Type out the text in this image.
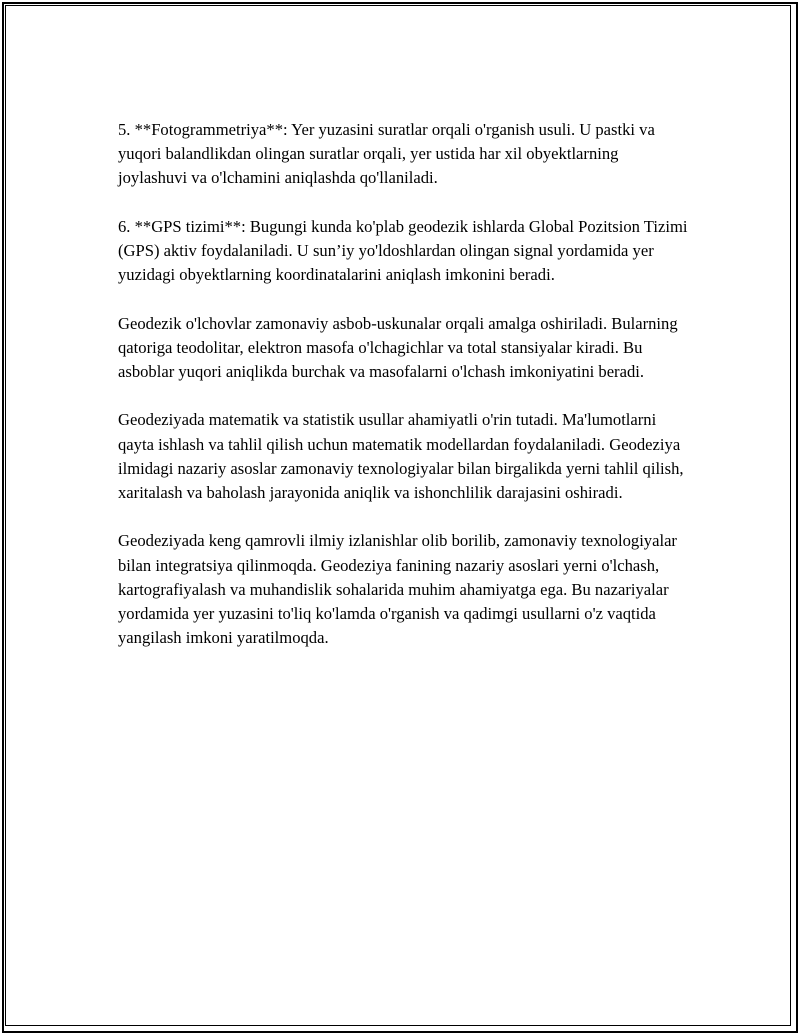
5. **Fotogrammetriya**: Yer yuzasini suratlar orqali o'rganish usuli. U pastki va yuqori balandlikdan olingan suratlar orqali, yer ustida har xil obyektlarning joylashuvi va o'lchamini aniqlashda qo'llaniladi.

6. **GPS tizimi**: Bugungi kunda ko'plab geodezik ishlarda Global Pozitsion Tizimi (GPS) aktiv foydalaniladi. U sun’iy yo'ldoshlardan olingan signal yordamida yer yuzidagi obyektlarning koordinatalarini aniqlash imkonini beradi.

Geodezik o'lchovlar zamonaviy asbob-uskunalar orqali amalga oshiriladi. Bularning qatoriga teodolitar, elektron masofa o'lchagichlar va total stansiyalar kiradi. Bu asboblar yuqori aniqlikda burchak va masofalarni o'lchash imkoniyatini beradi.

Geodeziyada matematik va statistik usullar ahamiyatli o'rin tutadi. Ma'lumotlarni qayta ishlash va tahlil qilish uchun matematik modellardan foydalaniladi. Geodeziya ilmidagi nazariy asoslar zamonaviy texnologiyalar bilan birgalikda yerni tahlil qilish, xaritalash va baholash jarayonida aniqlik va ishonchlilik darajasini oshiradi.

Geodeziyada keng qamrovli ilmiy izlanishlar olib borilib, zamonaviy texnologiyalar bilan integratsiya qilinmoqda. Geodeziya fanining nazariy asoslari yerni o'lchash, kartografiyalash va muhandislik sohalarida muhim ahamiyatga ega. Bu nazariyalar yordamida yer yuzasini to'liq ko'lamda o'rganish va qadimgi usullarni o'z vaqtida yangilash imkoni yaratilmoqda.
